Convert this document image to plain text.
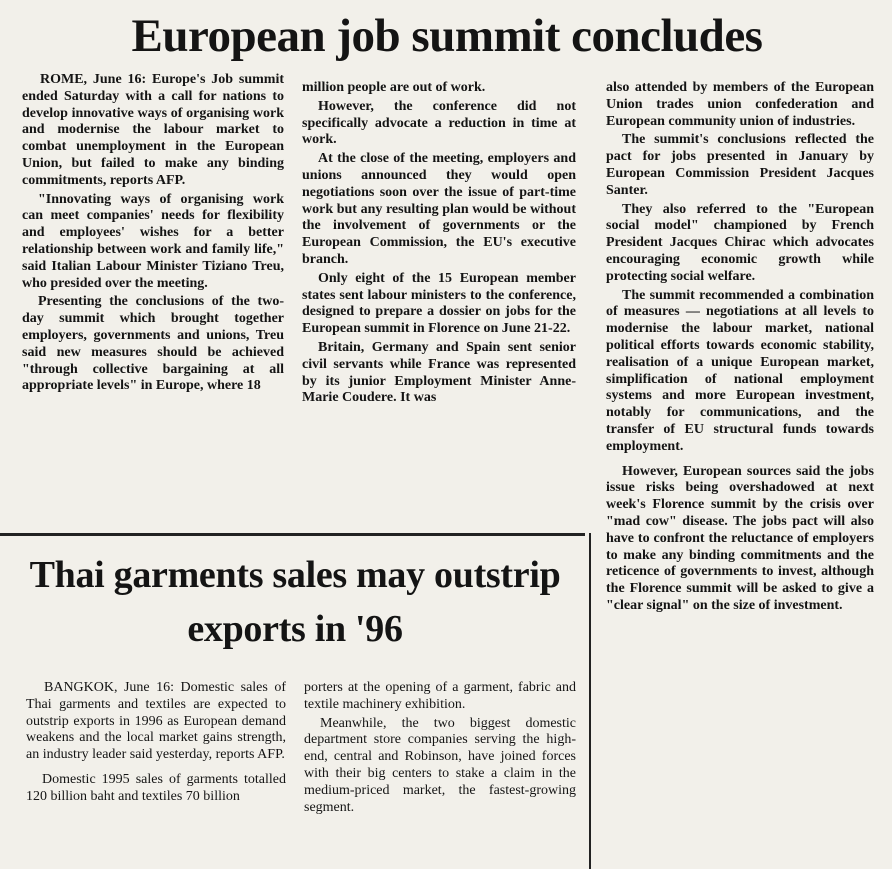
European job summit concludes

ROME, June 16: Europe's Job summit ended Saturday with a call for nations to develop innovative ways of organising work and modernise the labour market to combat unemployment in the European Union, but failed to make any binding commitments, reports AFP.

"Innovating ways of organising work can meet companies' needs for flexibility and employees' wishes for a better relationship between work and family life," said Italian Labour Minister Tiziano Treu, who presided over the meeting.

Presenting the conclusions of the two-day summit which brought together employers, governments and unions, Treu said new measures should be achieved "through collective bargaining at all appropriate levels" in Europe, where 18

million people are out of work.

However, the conference did not specifically advocate a reduction in time at work.

At the close of the meeting, employers and unions announced they would open negotiations soon over the issue of part-time work but any resulting plan would be without the involvement of governments or the European Commission, the EU's executive branch.

Only eight of the 15 European member states sent labour ministers to the conference, designed to prepare a dossier on jobs for the European summit in Florence on June 21-22.

Britain, Germany and Spain sent senior civil servants while France was represented by its junior Employment Minister Anne-Marie Coudere. It was

also attended by members of the European Union trades union confederation and European community union of industries.

The summit's conclusions reflected the pact for jobs presented in January by European Commission President Jacques Santer.

They also referred to the "European social model" championed by French President Jacques Chirac which advocates encouraging economic growth while protecting social welfare.

The summit recommended a combination of measures — negotiations at all levels to modernise the labour market, national political efforts towards economic stability, realisation of a unique European market, simplification of national employment systems and more European investment, notably for communications, and the transfer of EU structural funds towards employment.

However, European sources said the jobs issue risks being overshadowed at next week's Florence summit by the crisis over "mad cow" disease. The jobs pact will also have to confront the reluctance of employers to make any binding commitments and the reticence of governments to invest, although the Florence summit will be asked to give a "clear signal" on the size of investment.

Thai garments sales may outstrip exports in '96

BANGKOK, June 16: Domestic sales of Thai garments and textiles are expected to outstrip exports in 1996 as European demand weakens and the local market gains strength, an industry leader said yesterday, reports AFP.

Domestic 1995 sales of garments totalled 120 billion baht and textiles 70 billion

porters at the opening of a garment, fabric and textile machinery exhibition.

Meanwhile, the two biggest domestic department store companies serving the high-end, central and Robinson, have joined forces with their big centers to stake a claim in the medium-priced market, the fastest-growing segment.
